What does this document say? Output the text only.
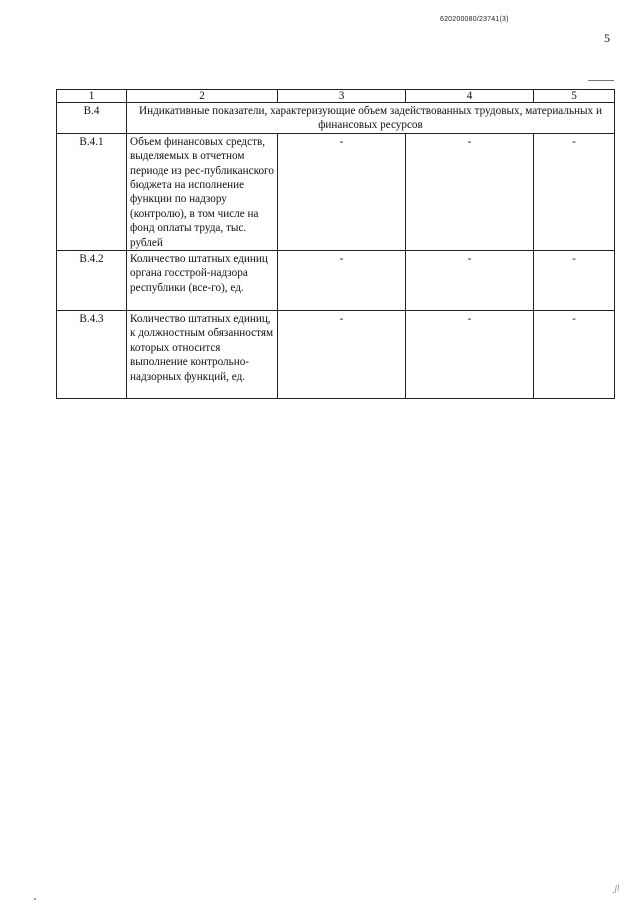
620200080/23741(3)
5
1	2	3	4	5
В.4	Индикативные показатели, характеризующие объем задействованных трудовых, материальных и финансовых ресурсов			
В.4.1	Объем финансовых средств, выделяемых в отчетном периоде из рес-публиканского бюджета на исполнение функции по надзору (контролю), в том числе на фонд оплаты труда, тыс. рублей	-	-	-
В.4.2	Количество штатных единиц органа госстрой-надзора республики (все-го), ед.	-	-	-
В.4.3	Количество штатных единиц, к должностным обязанностям которых относится выполнение контрольно-надзорных функций, ед.	-	-	-
.//
